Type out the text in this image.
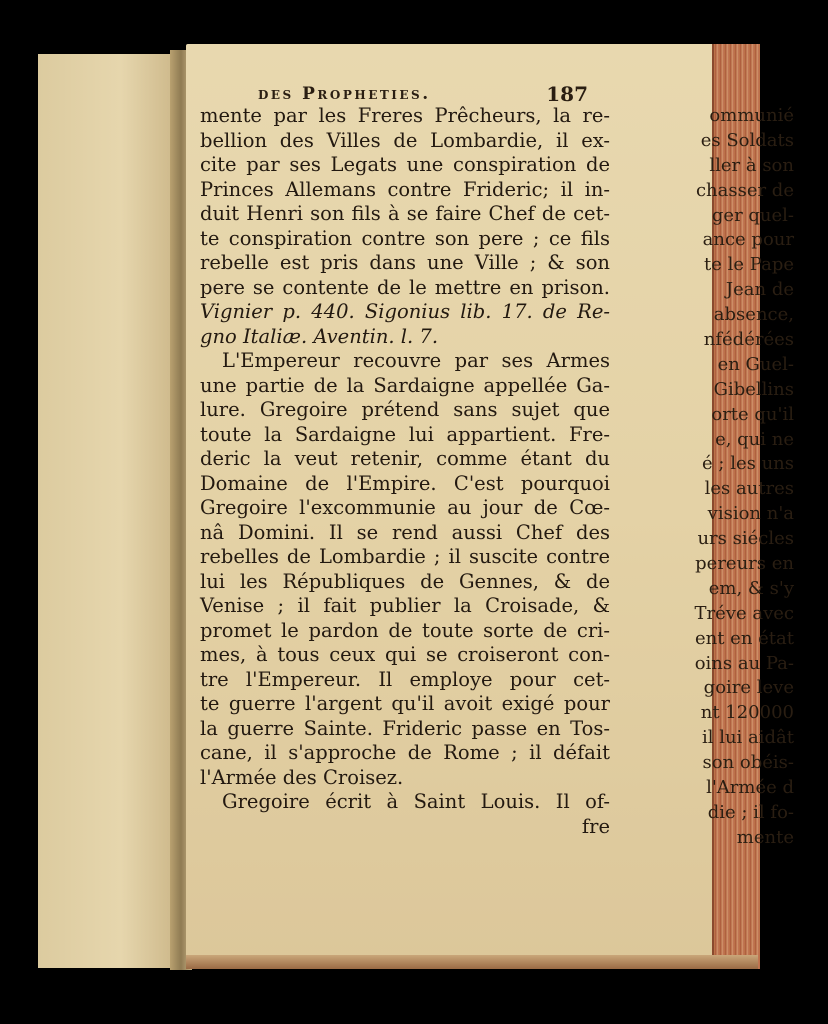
ommunié
es Soldats
ller à son
chasser de
ger quel-
ance pour
te le Pape
Jean de
absence,
nfédérées
en Guel-
Gibellins
orte qu'il
e, qui ne
é ; les uns
les autres
vision n'a
urs siécles
pereurs en
em, & s'y
Tréve avec
ent en état
oins au Pa-
goire leve
nt 120000
il lui aidât
son obéis-
l'Armée d
die ; il fo-
mente
des Propheties.	187
mente par les Freres Prêcheurs, la re-
bellion des Villes de Lombardie, il ex-
cite par ses Legats une conspiration de
Princes Allemans contre Frideric; il in-
duit Henri son fils à se faire Chef de cet-
te conspiration contre son pere ; ce fils
rebelle est pris dans une Ville ; & son
pere se contente de le mettre en prison.
Vignier p. 440. Sigonius lib. 17. de Re-
gno Italiæ. Aventin. l. 7.
L'Empereur recouvre par ses Armes
une partie de la Sardaigne appellée Ga-
lure. Gregoire prétend sans sujet que
toute la Sardaigne lui appartient. Fre-
deric la veut retenir, comme étant du
Domaine de l'Empire. C'est pourquoi
Gregoire l'excommunie au jour de Cœ-
nâ Domini. Il se rend aussi Chef des
rebelles de Lombardie ; il suscite contre
lui les Républiques de Gennes, & de
Venise ; il fait publier la Croisade, &
promet le pardon de toute sorte de cri-
mes, à tous ceux qui se croiseront con-
tre l'Empereur. Il employe pour cet-
te guerre l'argent qu'il avoit exigé pour
la guerre Sainte. Frideric passe en Tos-
cane, il s'approche de Rome ; il défait
l'Armée des Croisez.
Gregoire écrit à Saint Louis. Il of-
fre
